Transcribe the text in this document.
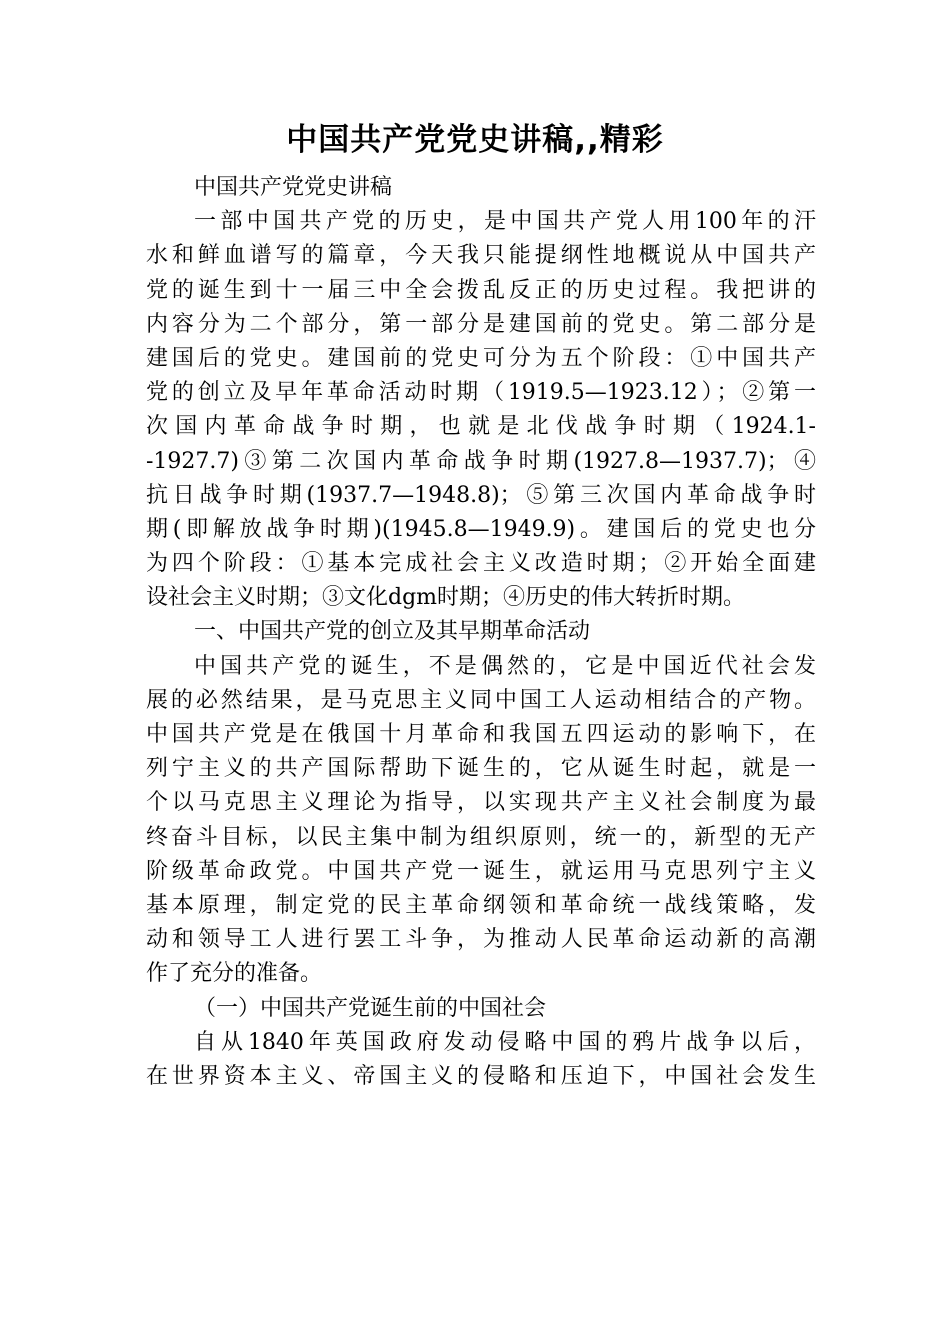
中国共产党党史讲稿,,精彩
中国共产党党史讲稿
一部中国共产党的历史，是中国共产党人用100年的汗
水和鲜血谱写的篇章，今天我只能提纲性地概说从中国共产
党的诞生到十一届三中全会拨乱反正的历史过程。我把讲的
内容分为二个部分，第一部分是建国前的党史。第二部分是
建国后的党史。建国前的党史可分为五个阶段：①中国共产
党的创立及早年革命活动时期（1919.5—1923.12）；②第一
次国内革命战争时期，也就是北伐战争时期（1924.1-
-1927.7)③第二次国内革命战争时期(1927.8—1937.7)；④
抗日战争时期(1937.7—1948.8)；⑤第三次国内革命战争时
期(即解放战争时期)(1945.8—1949.9)。建国后的党史也分
为四个阶段：①基本完成社会主义改造时期；②开始全面建
设社会主义时期；③文化dgm时期；④历史的伟大转折时期。
一、中国共产党的创立及其早期革命活动
中国共产党的诞生，不是偶然的，它是中国近代社会发
展的必然结果，是马克思主义同中国工人运动相结合的产物。
中国共产党是在俄国十月革命和我国五四运动的影响下，在
列宁主义的共产国际帮助下诞生的，它从诞生时起，就是一
个以马克思主义理论为指导，以实现共产主义社会制度为最
终奋斗目标，以民主集中制为组织原则，统一的，新型的无产
阶级革命政党。中国共产党一诞生，就运用马克思列宁主义
基本原理，制定党的民主革命纲领和革命统一战线策略，发
动和领导工人进行罢工斗争，为推动人民革命运动新的高潮
作了充分的准备。
（一）中国共产党诞生前的中国社会
自从1840年英国政府发动侵略中国的鸦片战争以后，
在世界资本主义、帝国主义的侵略和压迫下，中国社会发生
